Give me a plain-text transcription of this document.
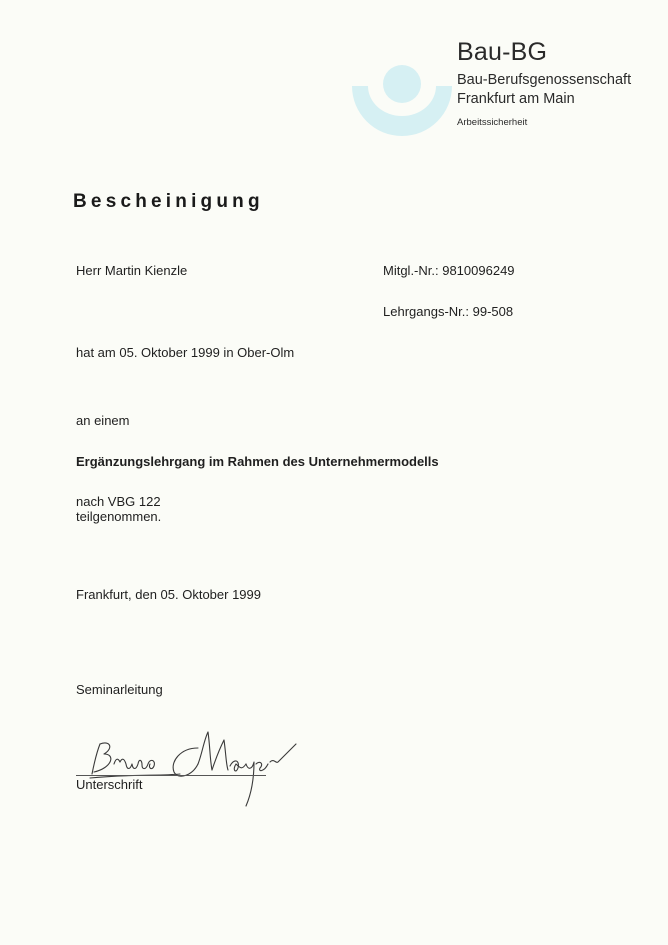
Bau-BG
Bau-Berufsgenossenschaft
Frankfurt am Main
Arbeitssicherheit
Bescheinigung
Herr Martin Kienzle	Mitgl.-Nr.: 9810096249
Lehrgangs-Nr.: 99-508
hat am 05. Oktober 1999 in Ober-Olm
an einem
Ergänzungslehrgang im Rahmen des Unternehmermodells
nach VBG 122
teilgenommen.
Frankfurt, den 05. Oktober 1999
Seminarleitung
Unterschrift
